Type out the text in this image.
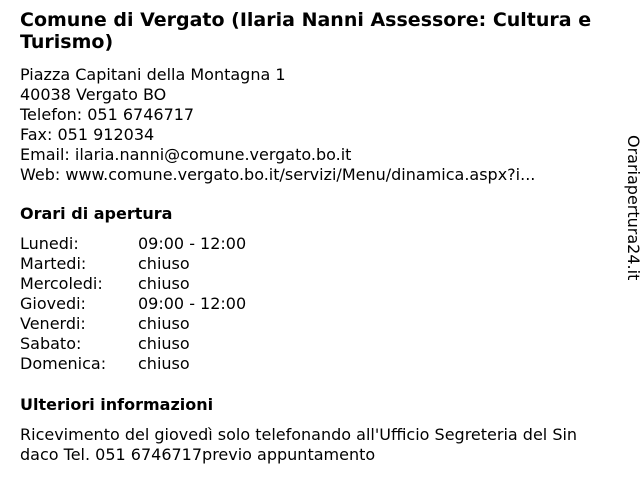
Comune di Vergato (Ilaria Nanni Assessore: Cultura e Turismo)
Piazza Capitani della Montagna 1
40038 Vergato BO
Telefon: 051 6746717
Fax: 051 912034
Email: ilaria.nanni@comune.vergato.bo.it
Web: www.comune.vergato.bo.it/servizi/Menu/dinamica.aspx?i...
Orari di apertura
Lunedi:	09:00 - 12:00
Martedi:	chiuso
Mercoledi:	chiuso
Giovedi:	09:00 - 12:00
Venerdi:	chiuso
Sabato:	chiuso
Domenica:	chiuso
Ulteriori informazioni
Ricevimento del giovedì solo telefonando all'Ufficio Segreteria del Sindaco Tel. 051 6746717previo appuntamento
Orariapertura24.it
